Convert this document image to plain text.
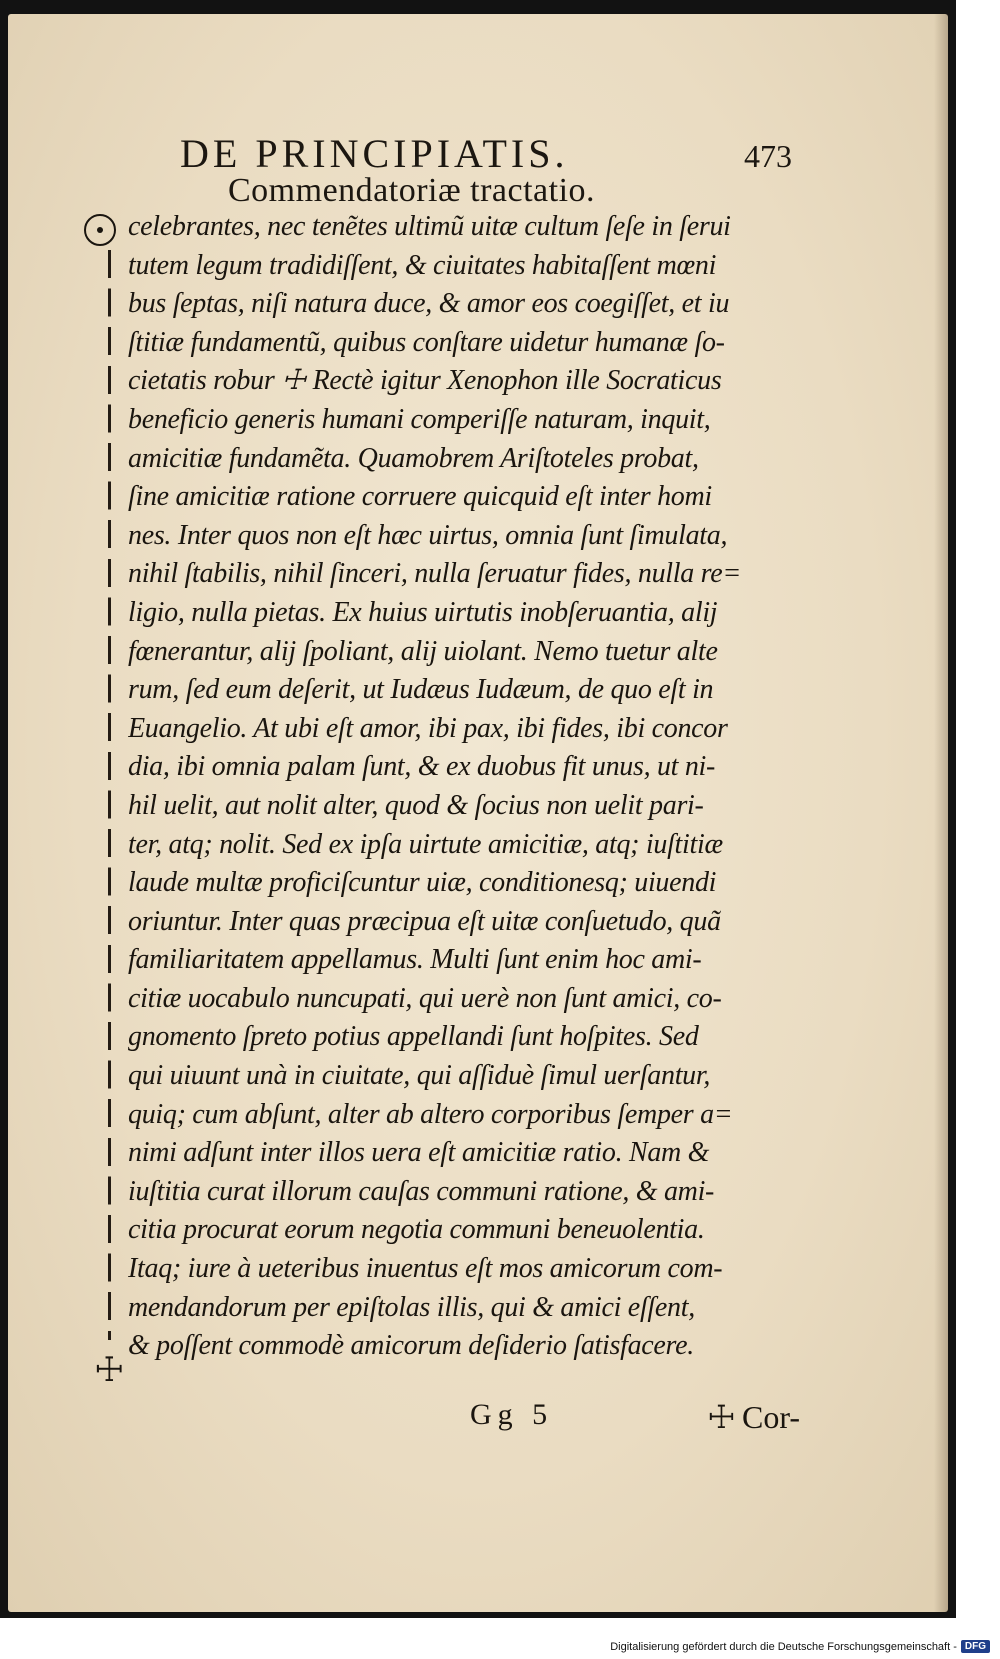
DE PRINCIPIATIS.	473
Commendatoriæ tractatio.
celebrantes, nec tenẽtes ultimũ uitæ cultum ſeſe in ſerui
tutem legum tradidiſſent, & ciuitates habitaſſent mœni
bus ſeptas, niſi natura duce, & amor eos coegiſſet, et iu
ſtitiæ fundamentũ, quibus conſtare uidetur humanæ ſo-
cietatis robur ☩ Rectè igitur Xenophon ille Socraticus
beneficio generis humani comperiſſe naturam, inquit,
amicitiæ fundamẽta. Quamobrem Ariſtoteles probat,
ſine amicitiæ ratione corruere quicquid eſt inter homi
nes. Inter quos non eſt hæc uirtus, omnia ſunt ſimulata,
nihil ſtabilis, nihil ſinceri, nulla ſeruatur fides, nulla re=
ligio, nulla pietas. Ex huius uirtutis inobſeruantia, alij
fœnerantur, alij ſpoliant, alij uiolant. Nemo tuetur alte
rum, ſed eum deſerit, ut Iudæus Iudæum, de quo eſt in
Euangelio. At ubi eſt amor, ibi pax, ibi fides, ibi concor
dia, ibi omnia palam ſunt, & ex duobus fit unus, ut ni-
hil uelit, aut nolit alter, quod & ſocius non uelit pari-
ter, atq; nolit. Sed ex ipſa uirtute amicitiæ, atq; iuſtitiæ
laude multæ proficiſcuntur uiæ, conditionesq; uiuendi
oriuntur. Inter quas præcipua eſt uitæ conſuetudo, quã
familiaritatem appellamus. Multi ſunt enim hoc ami-
citiæ uocabulo nuncupati, qui uerè non ſunt amici, co-
gnomento ſpreto potius appellandi ſunt hoſpites. Sed
qui uiuunt unà in ciuitate, qui aſſiduè ſimul uerſantur,
quiq; cum abſunt, alter ab altero corporibus ſemper a=
nimi adſunt inter illos uera eſt amicitiæ ratio. Nam &
iuſtitia curat illorum cauſas communi ratione, & ami-
citia procurat eorum negotia communi beneuolentia.
Itaq; iure à ueteribus inuentus eſt mos amicorum com-
mendandorum per epiſtolas illis, qui & amici eſſent,
& poſſent commodè amicorum deſiderio ſatisfacere.
☩
Gg 5	☩ Cor-
Digitalisierung gefördert durch die Deutsche Forschungsgemeinschaft - DFG
